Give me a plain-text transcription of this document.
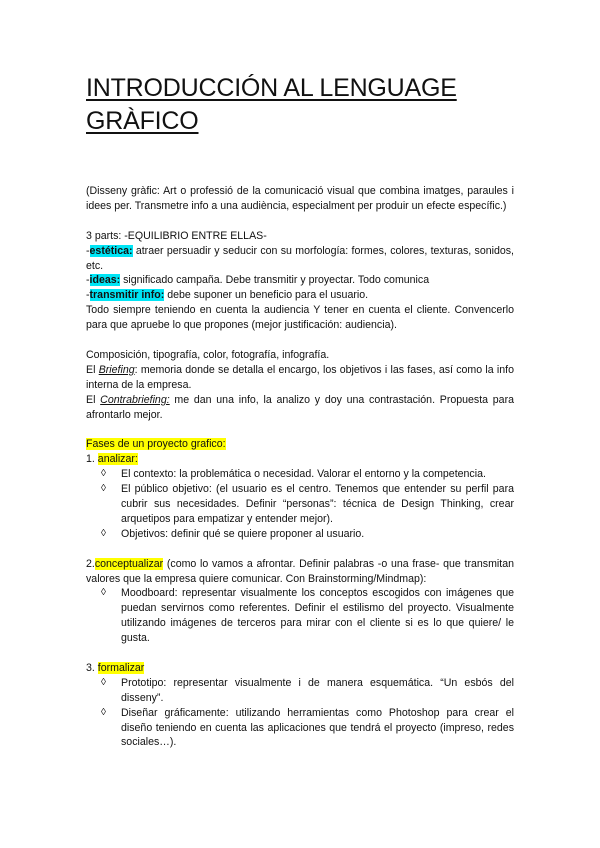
INTRODUCCIÓN AL LENGUAGE GRÀFICO

(Disseny gràfic: Art o professió de la comunicació visual que combina imatges, paraules i idees per. Transmetre info a una audiència, especialment per produir un efecte específic.)

3 parts: -EQUILIBRIO ENTRE ELLAS-

-estética: atraer persuadir y seducir con su morfología: formes, colores, texturas, sonidos, etc.

-ideas: significado campaña. Debe transmitir y proyectar. Todo comunica

-transmitir info: debe suponer un beneficio para el usuario.

Todo siempre teniendo en cuenta la audiencia Y tener en cuenta el cliente. Convencerlo para que apruebe lo que propones (mejor justificación: audiencia).

Composición, tipografía, color, fotografía, infografía.

El Briefing: memoria donde se detalla el encargo, los objetivos i las fases, así como la info interna de la empresa.

El Contrabriefing: me dan una info, la analizo y doy una contrastación. Propuesta para afrontarlo mejor.

Fases de un proyecto grafico:

1. analizar:

◊ El contexto: la problemática o necesidad. Valorar el entorno y la competencia.
◊ El público objetivo: (el usuario es el centro. Tenemos que entender su perfil para cubrir sus necesidades. Definir “personas”: técnica de Design Thinking, crear arquetipos para empatizar y entender mejor).
◊ Objetivos: definir qué se quiere proponer al usuario.

2.conceptualizar (como lo vamos a afrontar. Definir palabras -o una frase- que transmitan valores que la empresa quiere comunicar. Con Brainstorming/Mindmap):

◊ Moodboard: representar visualmente los conceptos escogidos con imágenes que puedan servirnos como referentes. Definir el estilismo del proyecto. Visualmente utilizando imágenes de terceros para mirar con el cliente si es lo que quiere/ le gusta.

3. formalizar

◊ Prototipo: representar visualmente i de manera esquemática. “Un esbós del disseny”.
◊ Diseñar gráficamente: utilizando herramientas como Photoshop para crear el diseño teniendo en cuenta las aplicaciones que tendrá el proyecto (impreso, redes sociales…).
